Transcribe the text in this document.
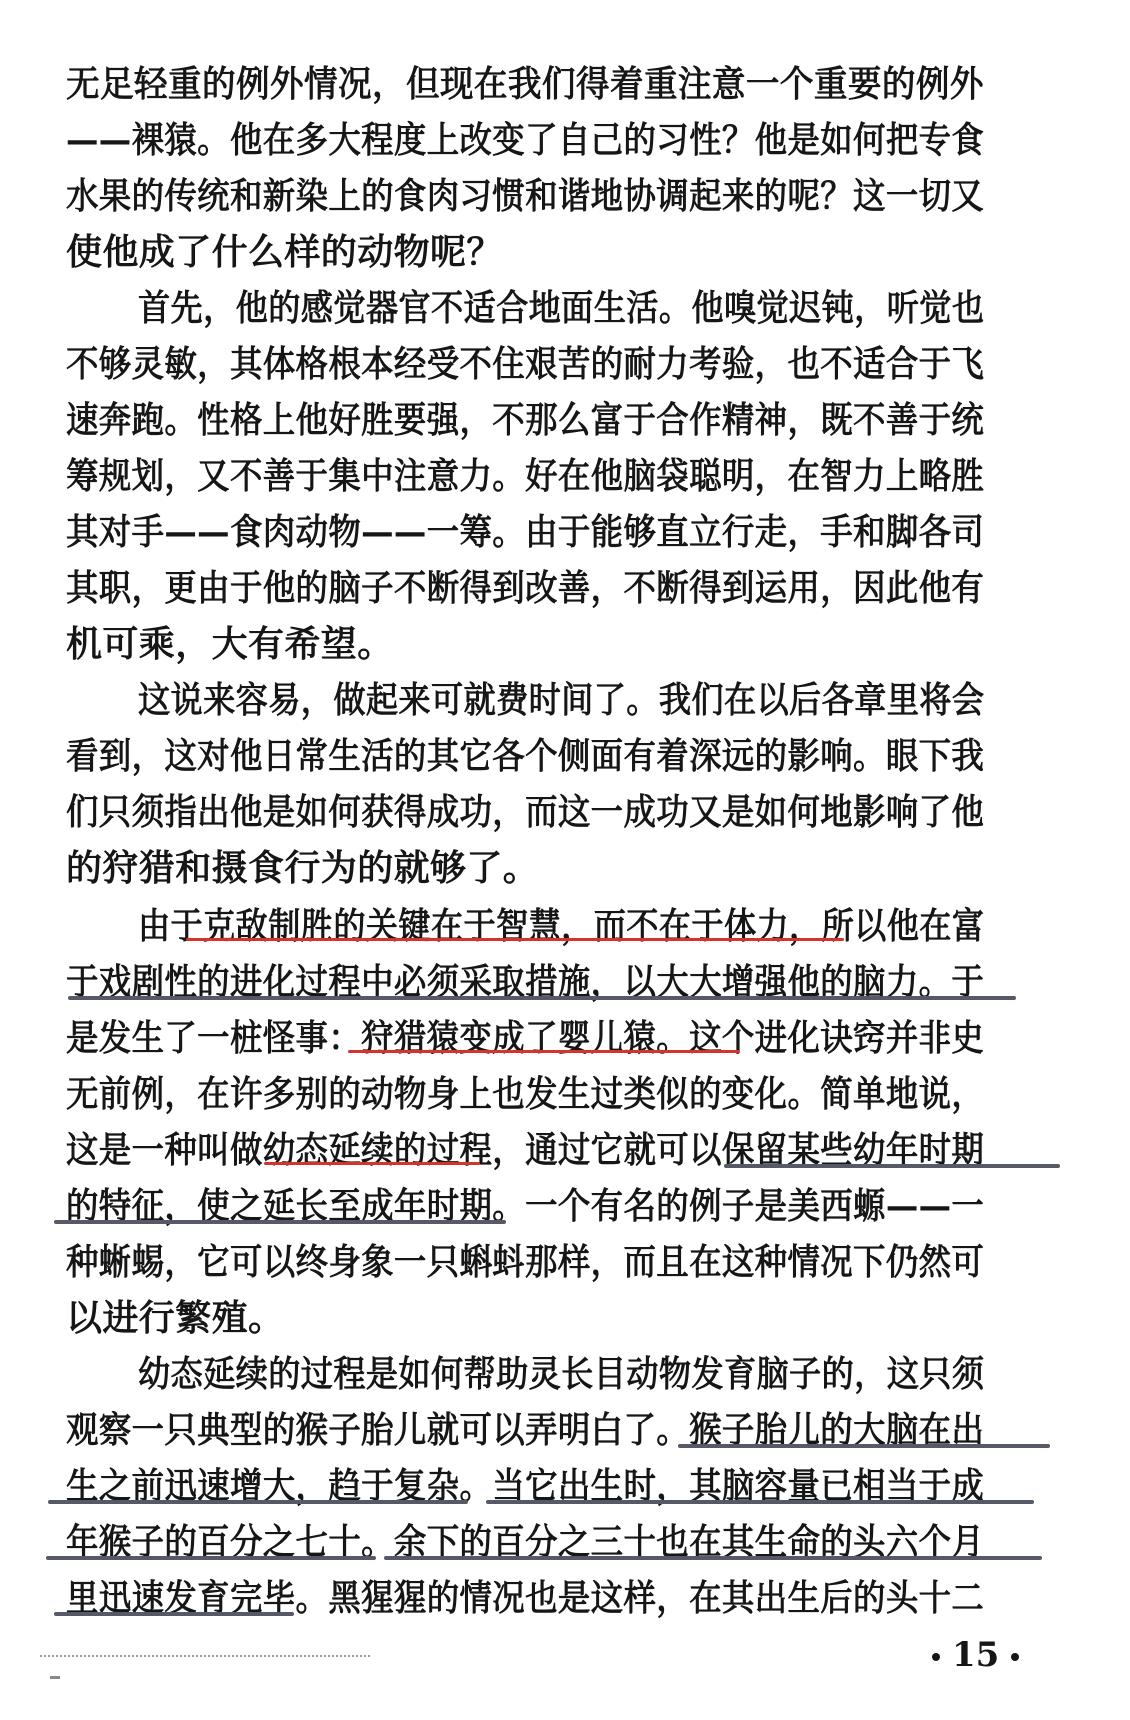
无足轻重的例外情况，但现在我们得着重注意一个重要的例外
——裸猿。他在多大程度上改变了自己的习性？他是如何把专食
水果的传统和新染上的食肉习惯和谐地协调起来的呢？这一切又
使他成了什么样的动物呢？
首先，他的感觉器官不适合地面生活。他嗅觉迟钝，听觉也
不够灵敏，其体格根本经受不住艰苦的耐力考验，也不适合于飞
速奔跑。性格上他好胜要强，不那么富于合作精神，既不善于统
筹规划，又不善于集中注意力。好在他脑袋聪明，在智力上略胜
其对手——食肉动物——一筹。由于能够直立行走，手和脚各司
其职，更由于他的脑子不断得到改善，不断得到运用，因此他有
机可乘，大有希望。
这说来容易，做起来可就费时间了。我们在以后各章里将会
看到，这对他日常生活的其它各个侧面有着深远的影响。眼下我
们只须指出他是如何获得成功，而这一成功又是如何地影响了他
的狩猎和摄食行为的就够了。
由于克敌制胜的关键在于智慧，而不在于体力，所以他在富
于戏剧性的进化过程中必须采取措施，以大大增强他的脑力。于
是发生了一桩怪事：狩猎猿变成了婴儿猿。这个进化诀窍并非史
无前例，在许多别的动物身上也发生过类似的变化。简单地说，
这是一种叫做幼态延续的过程，通过它就可以保留某些幼年时期
的特征，使之延长至成年时期。一个有名的例子是美西螈——一
种蜥蜴，它可以终身象一只蝌蚪那样，而且在这种情况下仍然可
以进行繁殖。
幼态延续的过程是如何帮助灵长目动物发育脑子的，这只须
观察一只典型的猴子胎儿就可以弄明白了。猴子胎儿的大脑在出
生之前迅速增大，趋于复杂。当它出生时，其脑容量已相当于成
年猴子的百分之七十。余下的百分之三十也在其生命的头六个月
里迅速发育完毕。黑猩猩的情况也是这样，在其出生后的头十二
15
